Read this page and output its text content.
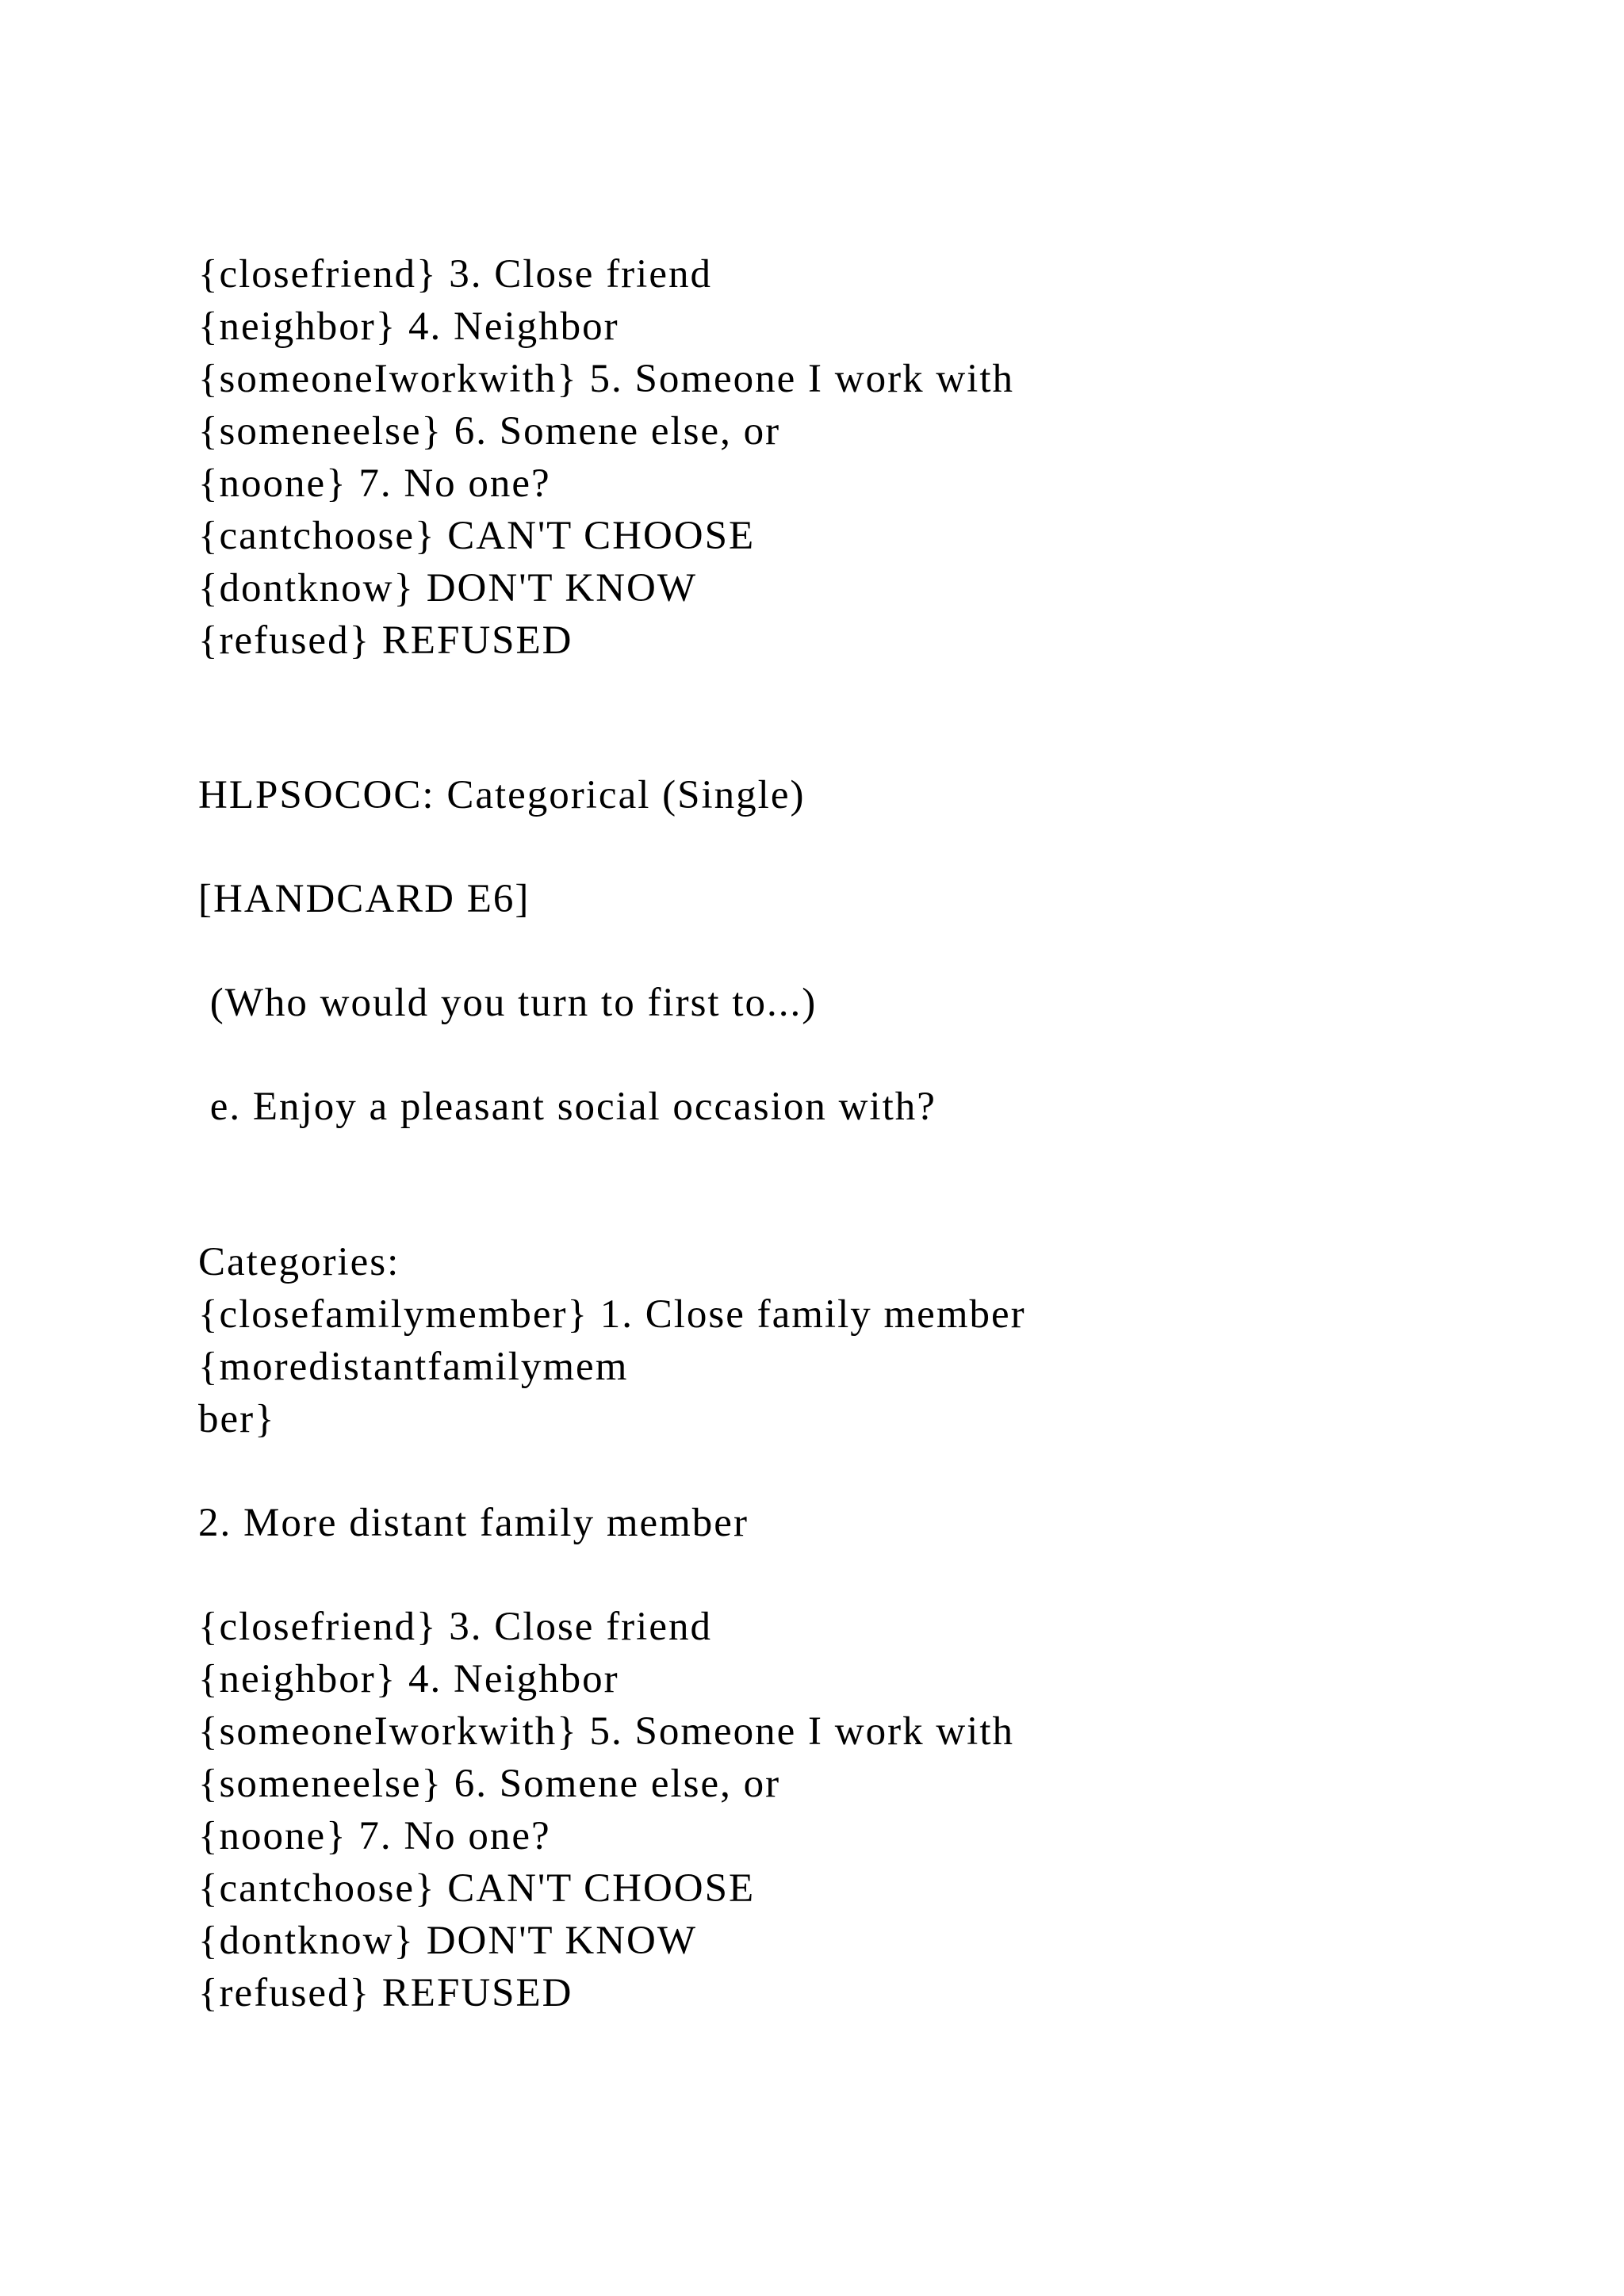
{closefriend} 3. Close friend

{neighbor} 4. Neighbor

{someoneIworkwith} 5. Someone I work with

{someneelse} 6. Somene else, or

{noone} 7. No one?

{cantchoose} CAN'T CHOOSE

{dontknow} DON'T KNOW

{refused} REFUSED

HLPSOCOC: Categorical (Single)

[HANDCARD E6]

(Who would you turn to first to...)

e. Enjoy a pleasant social occasion with?

Categories:

{closefamilymember} 1. Close family member

{moredistantfamilymem

ber}

2. More distant family member

{closefriend} 3. Close friend

{neighbor} 4. Neighbor

{someoneIworkwith} 5. Someone I work with

{someneelse} 6. Somene else, or

{noone} 7. No one?

{cantchoose} CAN'T CHOOSE

{dontknow} DON'T KNOW

{refused} REFUSED
